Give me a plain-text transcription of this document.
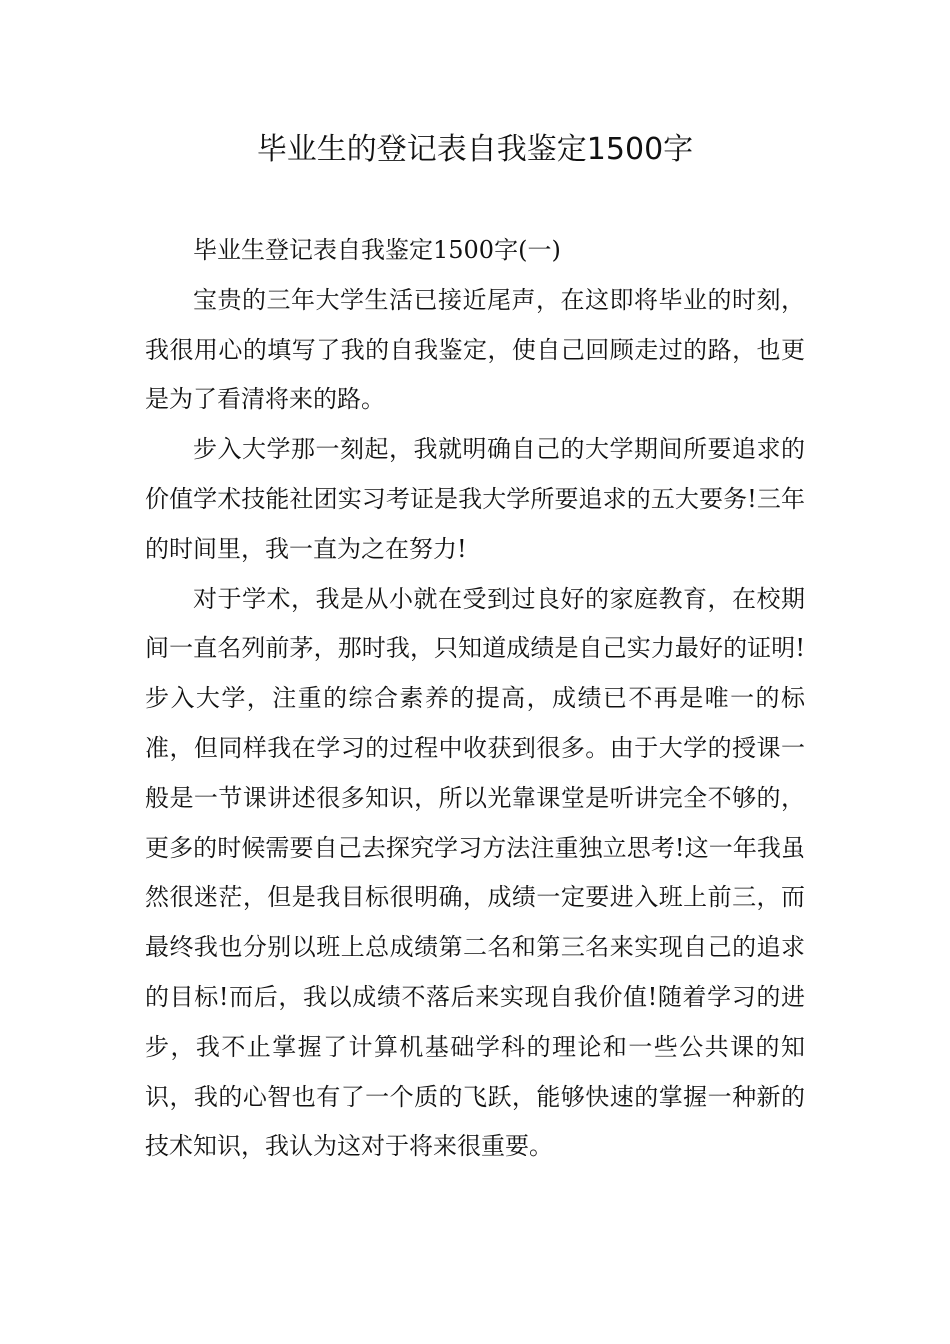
毕业生的登记表自我鉴定1500字

毕业生登记表自我鉴定1500字(一)

宝贵的三年大学生活已接近尾声，在这即将毕业的时刻，我很用心的填写了我的自我鉴定，使自己回顾走过的路，也更是为了看清将来的路。

步入大学那一刻起，我就明确自己的大学期间所要追求的价值学术技能社团实习考证是我大学所要追求的五大要务!三年的时间里，我一直为之在努力!

对于学术，我是从小就在受到过良好的家庭教育，在校期间一直名列前茅，那时我，只知道成绩是自己实力最好的证明!步入大学，注重的综合素养的提高，成绩已不再是唯一的标准，但同样我在学习的过程中收获到很多。由于大学的授课一般是一节课讲述很多知识，所以光靠课堂是听讲完全不够的，更多的时候需要自己去探究学习方法注重独立思考!这一年我虽然很迷茫，但是我目标很明确，成绩一定要进入班上前三，而最终我也分别以班上总成绩第二名和第三名来实现自己的追求的目标!而后，我以成绩不落后来实现自我价值!随着学习的进步，我不止掌握了计算机基础学科的理论和一些公共课的知识，我的心智也有了一个质的飞跃，能够快速的掌握一种新的技术知识，我认为这对于将来很重要。
